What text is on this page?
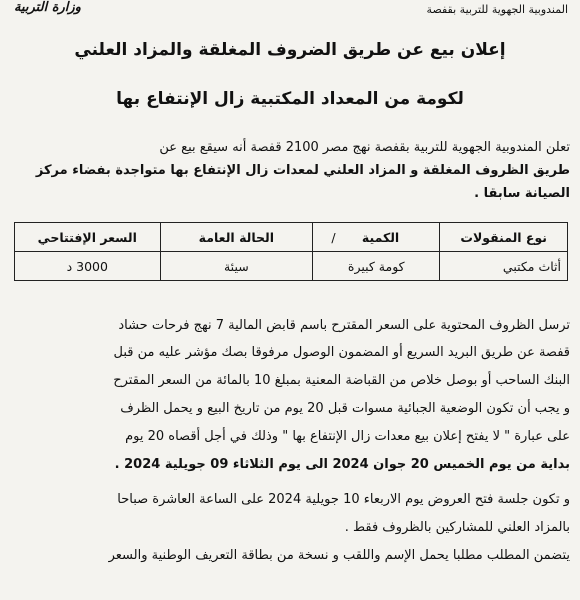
المندوبية الجهوية للتربية بقفصة
وزارة التربية
إعلان بيع عن طريق الضروف المغلقة والمزاد العلني
لكومة من المعداد المكتبية زال الإنتفاع بها
تعلن المندوبية الجهوية للتربية بقفصة نهج مصر 2100 قفصة أنه سيقع بيع عن
طريق الظروف المغلقة و المزاد العلني لمعدات زال الإنتفاع بها متواجدة بفضاء مركز
الصيانة سابقا .
نوع المنقولات	الكمية /	الحالة العامة	السعر الإفتتاحي
أثاث مكتبي	كومة كبيرة	سيئة	3000 د
ترسل الظروف المحتوية على السعر المقترح باسم قابض المالية 7 نهج فرحات حشاد
قفصة عن طريق البريد السريع أو المضمون الوصول مرفوقا بصك مؤشر عليه من قبل
البنك الساحب أو بوصل خلاص من القباضة المعنية بمبلغ 10 بالمائة من السعر المقترح
و يجب أن تكون الوضعية الجبائية مسوات قبل 20 يوم من تاريخ البيع و يحمل الظرف
على عبارة " لا يفتح إعلان بيع معدات زال الإنتفاع بها " وذلك في أجل أقصاه 20 يوم
بداية من يوم الخميس 20 جوان 2024 الى يوم الثلاثاء 09 جويلية 2024 .
و تكون جلسة فتح العروض يوم الاربعاء 10 جويلية 2024 على الساعة العاشرة صباحا
بالمزاد العلني للمشاركين بالظروف فقط .
يتضمن المطلب مطلبا يحمل الإسم واللقب و نسخة من بطاقة التعريف الوطنية والسعر
